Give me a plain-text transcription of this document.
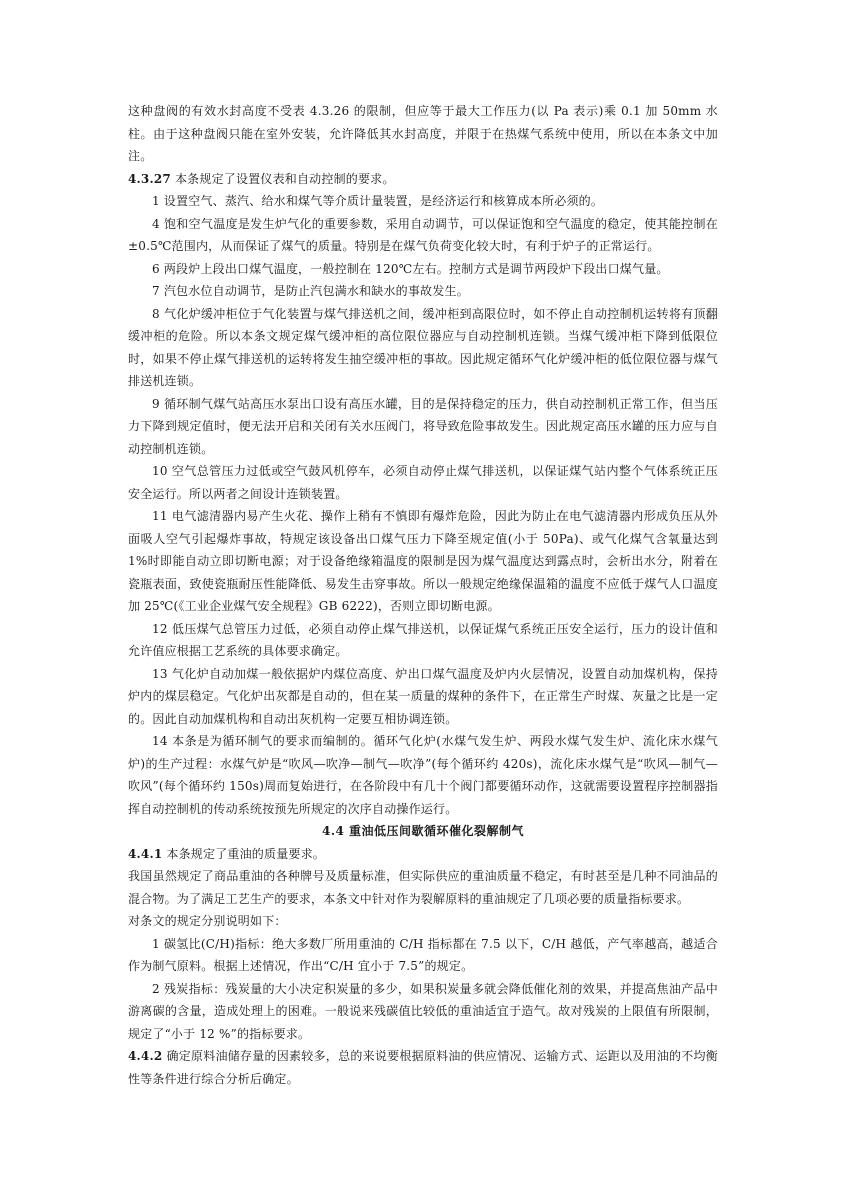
这种盘阀的有效水封高度不受表 4.3.26 的限制，但应等于最大工作压力(以 Pa 表示)乘 0.1 加 50mm 水柱。由于这种盘阀只能在室外安装，允许降低其水封高度，并限于在热煤气系统中使用，所以在本条文中加注。

4.3.27 本条规定了设置仪表和自动控制的要求。

1 设置空气、蒸汽、给水和煤气等介质计量装置，是经济运行和核算成本所必须的。

4 饱和空气温度是发生炉气化的重要参数，采用自动调节，可以保证饱和空气温度的稳定，使其能控制在±0.5℃范围内，从而保证了煤气的质量。特别是在煤气负荷变化较大时，有利于炉子的正常运行。

6 两段炉上段出口煤气温度，一般控制在 120℃左右。控制方式是调节两段炉下段出口煤气量。

7 汽包水位自动调节，是防止汽包满水和缺水的事故发生。

8 气化炉缓冲柜位于气化装置与煤气排送机之间，缓冲柜到高限位时，如不停止自动控制机运转将有顶翻缓冲柜的危险。所以本条文规定煤气缓冲柜的高位限位器应与自动控制机连锁。当煤气缓冲柜下降到低限位时，如果不停止煤气排送机的运转将发生抽空缓冲柜的事故。因此规定循环气化炉缓冲柜的低位限位器与煤气排送机连锁。

9 循环制气煤气站高压水泵出口设有高压水罐，目的是保持稳定的压力，供自动控制机正常工作，但当压力下降到规定值时，便无法开启和关闭有关水压阀门，将导致危险事故发生。因此规定高压水罐的压力应与自动控制机连锁。

10 空气总管压力过低或空气鼓风机停车，必须自动停止煤气排送机，以保证煤气站内整个气体系统正压安全运行。所以两者之间设计连锁装置。

11 电气滤清器内易产生火花、操作上稍有不慎即有爆炸危险，因此为防止在电气滤清器内形成负压从外面吸人空气引起爆炸事故，特规定该设备出口煤气压力下降至规定值(小于 50Pa)、或气化煤气含氧量达到 1%时即能自动立即切断电源；对于设备绝缘箱温度的限制是因为煤气温度达到露点时，会析出水分，附着在瓷瓶表面，致使瓷瓶耐压性能降低、易发生击穿事故。所以一般规定绝缘保温箱的温度不应低于煤气人口温度加 25℃(《工业企业煤气安全规程》GB 6222)，否则立即切断电源。

12 低压煤气总管压力过低，必须自动停止煤气排送机，以保证煤气系统正压安全运行，压力的设计值和允许值应根据工艺系统的具体要求确定。

13 气化炉自动加煤一般依据炉内煤位高度、炉出口煤气温度及炉内火层情况，设置自动加煤机构，保持炉内的煤层稳定。气化炉出灰都是自动的，但在某一质量的煤种的条件下，在正常生产时煤、灰量之比是一定的。因此自动加煤机构和自动出灰机构一定要互相协调连锁。

14 本条是为循环制气的要求而编制的。循环气化炉(水煤气发生炉、两段水煤气发生炉、流化床水煤气炉)的生产过程：水煤气炉是“吹风—吹净—制气—吹净”(每个循环约 420s)，流化床水煤气是“吹风—制气—吹风”(每个循环约 150s)周而复始进行，在各阶段中有几十个阀门都要循环动作，这就需要设置程序控制器指挥自动控制机的传动系统按预先所规定的次序自动操作运行。

4.4 重油低压间歇循环催化裂解制气

4.4.1 本条规定了重油的质量要求。

我国虽然规定了商品重油的各种牌号及质量标准，但实际供应的重油质量不稳定，有时甚至是几种不同油品的混合物。为了满足工艺生产的要求，本条文中针对作为裂解原料的重油规定了几项必要的质量指标要求。

对条文的规定分别说明如下：

1 碳氢比(C/H)指标：绝大多数厂所用重油的 C/H 指标都在 7.5 以下，C/H 越低，产气率越高，越适合作为制气原料。根据上述情况，作出“C/H 宜小于 7.5”的规定。

2 残炭指标：残炭量的大小决定积炭量的多少，如果积炭量多就会降低催化剂的效果，并提高焦油产品中游离碳的含量，造成处理上的困难。一般说来残碳值比较低的重油适宜于造气。故对残炭的上限值有所限制，规定了“小于 12 %”的指标要求。

4.4.2 确定原料油储存量的因素较多，总的来说要根据原料油的供应情况、运输方式、运距以及用油的不均衡性等条件进行综合分析后确定。
